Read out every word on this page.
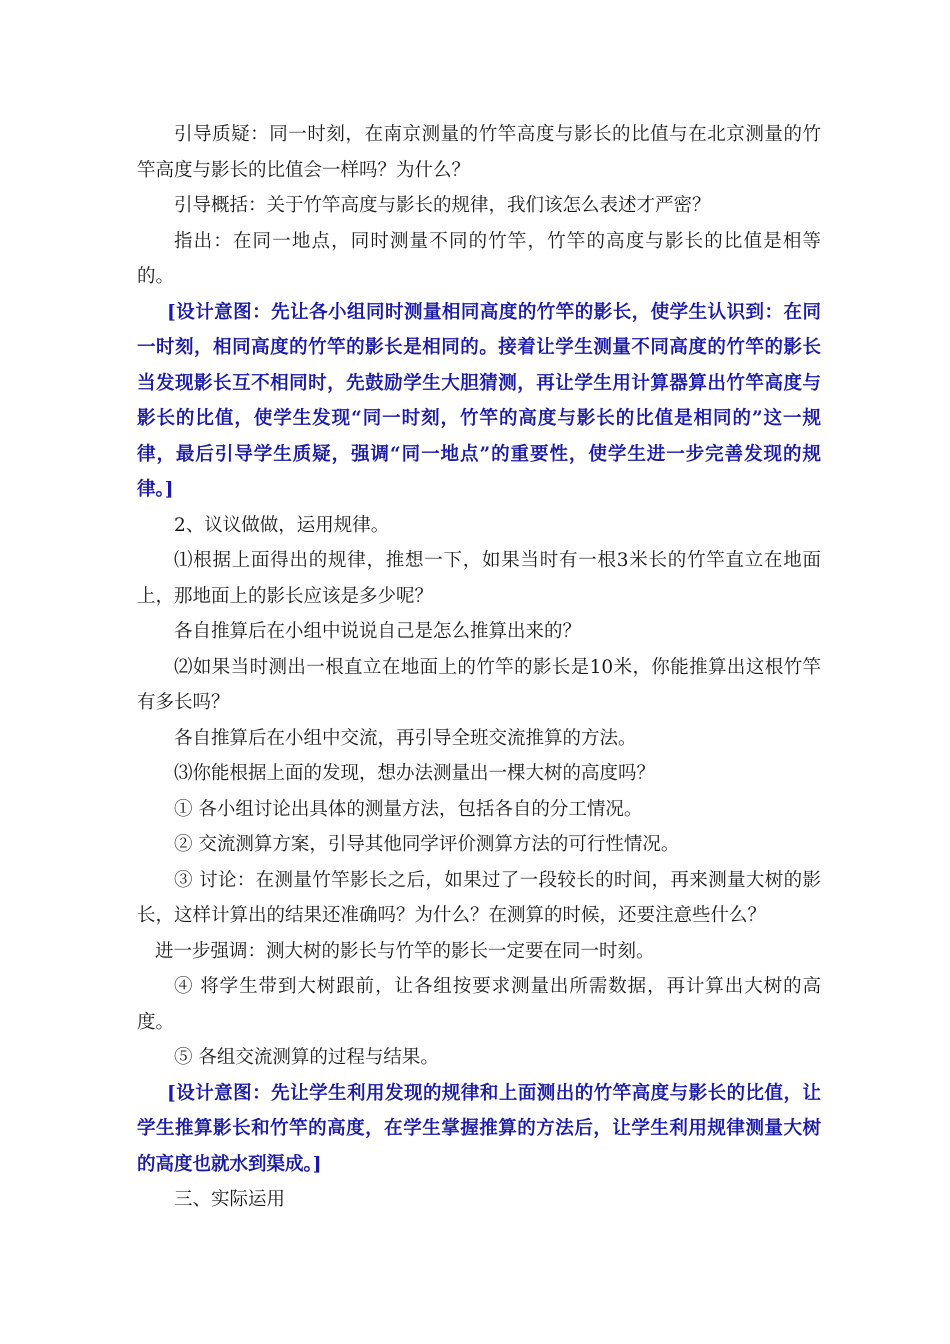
引导质疑：同一时刻，在南京测量的竹竿高度与影长的比值与在北京测量的竹竿高度与影长的比值会一样吗？为什么？

引导概括：关于竹竿高度与影长的规律，我们该怎么表述才严密？

指出：在同一地点，同时测量不同的竹竿，竹竿的高度与影长的比值是相等的。

[设计意图：先让各小组同时测量相同高度的竹竿的影长，使学生认识到：在同一时刻，相同高度的竹竿的影长是相同的。接着让学生测量不同高度的竹竿的影长当发现影长互不相同时，先鼓励学生大胆猜测，再让学生用计算器算出竹竿高度与影长的比值，使学生发现“同一时刻，竹竿的高度与影长的比值是相同的”这一规律，最后引导学生质疑，强调“同一地点”的重要性，使学生进一步完善发现的规律。]

2、议议做做，运用规律。

⑴根据上面得出的规律，推想一下，如果当时有一根3米长的竹竿直立在地面上，那地面上的影长应该是多少呢？

各自推算后在小组中说说自己是怎么推算出来的？

⑵如果当时测出一根直立在地面上的竹竿的影长是10米，你能推算出这根竹竿有多长吗？

各自推算后在小组中交流，再引导全班交流推算的方法。

⑶你能根据上面的发现，想办法测量出一棵大树的高度吗？

① 各小组讨论出具体的测量方法，包括各自的分工情况。

② 交流测算方案，引导其他同学评价测算方法的可行性情况。

③ 讨论：在测量竹竿影长之后，如果过了一段较长的时间，再来测量大树的影长，这样计算出的结果还准确吗？为什么？在测算的时候，还要注意些什么？

进一步强调：测大树的影长与竹竿的影长一定要在同一时刻。

④ 将学生带到大树跟前，让各组按要求测量出所需数据，再计算出大树的高度。

⑤ 各组交流测算的过程与结果。

[设计意图：先让学生利用发现的规律和上面测出的竹竿高度与影长的比值，让学生推算影长和竹竿的高度，在学生掌握推算的方法后，让学生利用规律测量大树的高度也就水到渠成。]

三、实际运用
